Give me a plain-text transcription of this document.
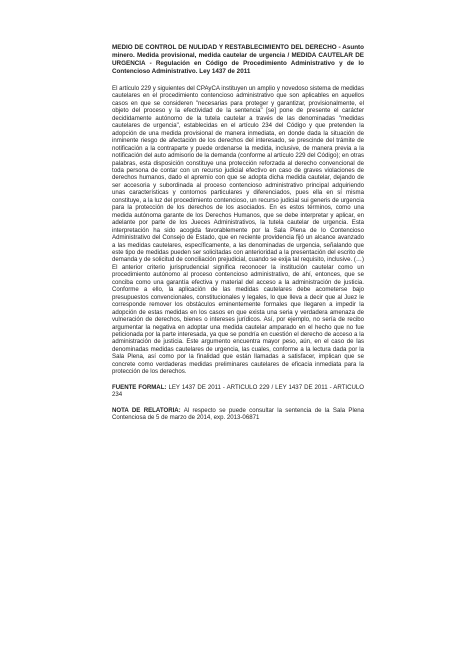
MEDIO DE CONTROL DE NULIDAD Y RESTABLECIMIENTO DEL DERECHO - Asunto minero. Medida provisional, medida cautelar de urgencia / MEDIDA CAUTELAR DE URGENCIA - Regulación en Código de Procedimiento Administrativo y de lo Contencioso Administrativo. Ley 1437 de 2011

El artículo 229 y siguientes del CPAyCA instituyen un amplio y novedoso sistema de medidas cautelares en el procedimiento contencioso administrativo que son aplicables en aquellos casos en que se consideren "necesarias para proteger y garantizar, provisionalmente, el objeto del proceso y la efectividad de la sentencia" [se] pone de presente el carácter decididamente autónomo de la tutela cautelar a través de las denominadas "medidas cautelares de urgencia", establecidas en el artículo 234 del Código y que pretenden la adopción de una medida provisional de manera inmediata, en donde dada la situación de inminente riesgo de afectación de los derechos del interesado, se prescinde del trámite de notificación a la contraparte y puede ordenarse la medida, inclusive, de manera previa a la notificación del auto admisorio de la demanda (conforme al artículo 229 del Código); en otras palabras, esta disposición constituye una protección reforzada al derecho convencional de toda persona de contar con un recurso judicial efectivo en caso de graves violaciones de derechos humanos, dado el apremio con que se adopta dicha medida cautelar, dejando de ser accesoria y subordinada al proceso contencioso administrativo principal adquiriendo unas características y contornos particulares y diferenciados, pues ella en sí misma constituye, a la luz del procedimiento contencioso, un recurso judicial sui generis de urgencia para la protección de los derechos de los asociados. En es estos términos, como una medida autónoma garante de los Derechos Humanos, que se debe interpretar y aplicar, en adelante por parte de los Jueces Administrativos, la tutela cautelar de urgencia. Esta interpretación ha sido acogida favorablemente por la Sala Plena de lo Contencioso Administrativo del Consejo de Estado, que en reciente providencia fijó un alcance avanzado a las medidas cautelares, específicamente, a las denominadas de urgencia, señalando que este tipo de medidas pueden ser solicitadas con anterioridad a la presentación del escrito de demanda y de solicitud de conciliación prejudicial, cuando se exija tal requisito, inclusive. (…) El anterior criterio jurisprudencial significa reconocer la institución cautelar como un procedimiento autónomo al proceso contencioso administrativo, de ahí, entonces, que se conciba como una garantía efectiva y material del acceso a la administración de justicia. Conforme a ello, la aplicación de las medidas cautelares debe acometerse bajo presupuestos convencionales, constitucionales y legales, lo que lleva a decir que al Juez le corresponde remover los obstáculos eminentemente formales que llegaren a impedir la adopción de estas medidas en los casos en que exista una seria y verdadera amenaza de vulneración de derechos, bienes o intereses jurídicos. Así, por ejemplo, no sería de recibo argumentar la negativa en adoptar una medida cautelar amparado en el hecho que no fue peticionada por la parte interesada, ya que se pondría en cuestión el derecho de acceso a la administración de justicia. Este argumento encuentra mayor peso, aún, en el caso de las denominadas medidas cautelares de urgencia, las cuales, conforme a la lectura dada por la Sala Plena, así como por la finalidad que están llamadas a satisfacer, implican que se concrete como verdaderas medidas preliminares cautelares de eficacia inmediata para la protección de los derechos.

FUENTE FORMAL: LEY 1437 DE 2011 - ARTICULO 229 / LEY 1437 DE 2011 - ARTICULO 234

NOTA DE RELATORIA: Al respecto se puede consultar la sentencia de la Sala Plena Contenciosa de 5 de marzo de 2014, exp. 2013-06871
